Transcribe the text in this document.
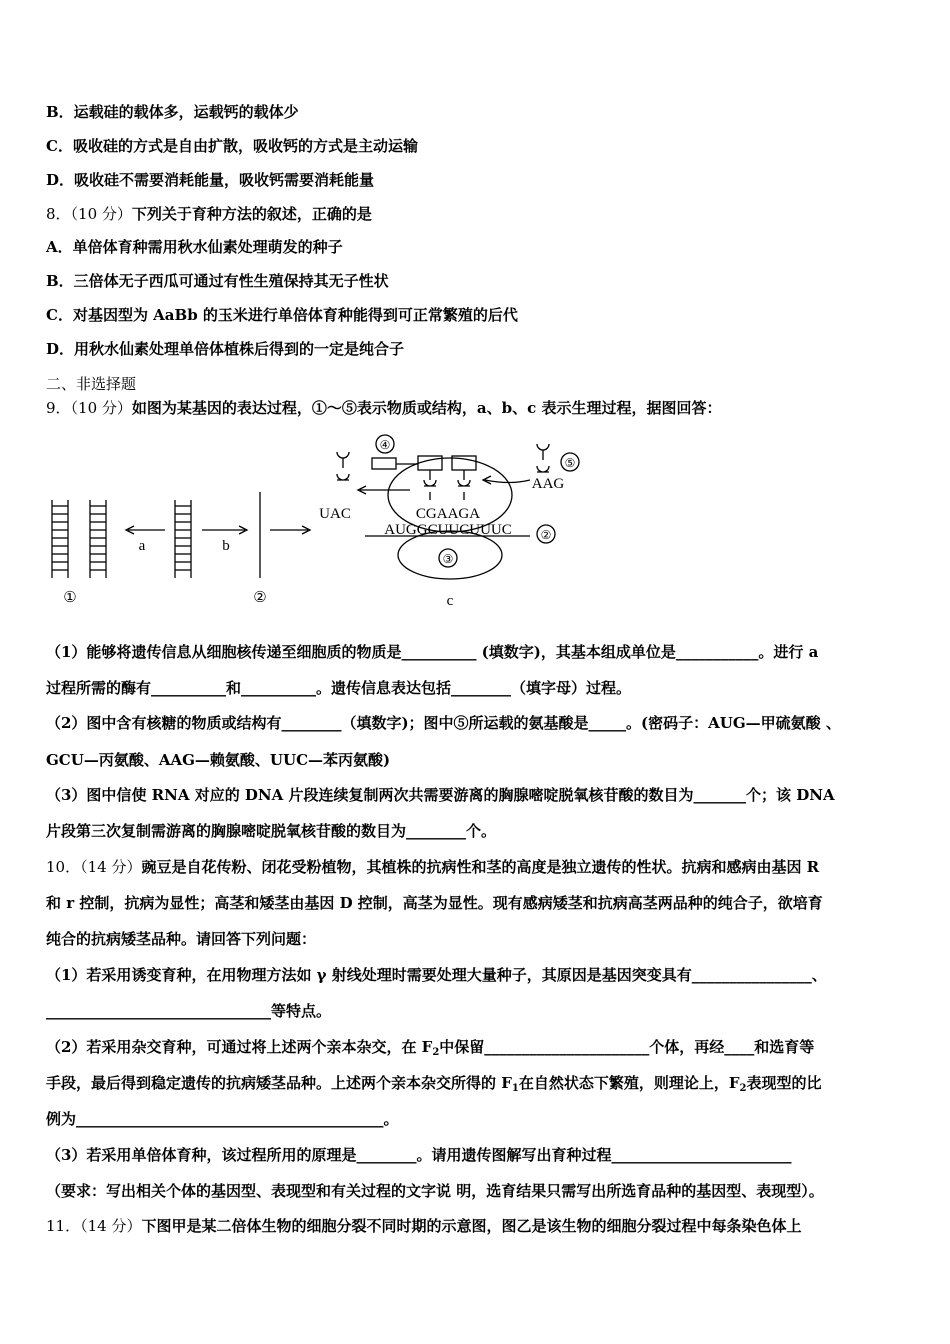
B．运载硅的载体多，运载钙的载体少
C．吸收硅的方式是自由扩散，吸收钙的方式是主动运输
D．吸收硅不需要消耗能量，吸收钙需要消耗能量
8．（10 分）下列关于育种方法的叙述，正确的是
A．单倍体育种需用秋水仙素处理萌发的种子
B．三倍体无子西瓜可通过有性生殖保持其无子性状
C．对基因型为 AaBb 的玉米进行单倍体育种能得到可正常繁殖的后代
D．用秋水仙素处理单倍体植株后得到的一定是纯合子
二、非选择题
9．（10 分）如图为某基因的表达过程，①～⑤表示物质或结构，a、b、c 表示生理过程，据图回答：
①	②
a	b
c
UAC
AAG
CGAAGA
AUGGCUUCUUUC
④
⑤
②
③
（1）能够将遗传信息从细胞核传递至细胞质的物质是__________ (填数字)，其基本组成单位是___________。进行 a
过程所需的酶有__________和__________。遗传信息表达包括________（填字母）过程。
（2）图中含有核糖的物质或结构有________（填数字)；图中⑤所运载的氨基酸是_____。(密码子：AUG—甲硫氨酸 、
GCU—丙氨酸、AAG—赖氨酸、UUC—苯丙氨酸)
（3）图中信使 RNA 对应的 DNA 片段连续复制两次共需要游离的胸腺嘧啶脱氧核苷酸的数目为_______个；该 DNA
片段第三次复制需游离的胸腺嘧啶脱氧核苷酸的数目为________个。
10．（14 分）豌豆是自花传粉、闭花受粉植物，其植株的抗病性和茎的高度是独立遗传的性状。抗病和感病由基因 R
和 r 控制，抗病为显性；高茎和矮茎由基因 D 控制，高茎为显性。现有感病矮茎和抗病高茎两品种的纯合子，欲培育
纯合的抗病矮茎品种。请回答下列问题：
（1）若采用诱变育种，在用物理方法如 γ 射线处理时需要处理大量种子，其原因是基因突变具有________________、
______________________________等特点。
（2）若采用杂交育种，可通过将上述两个亲本杂交，在 $F_2$中保留______________________个体，再经____和选育等
手段，最后得到稳定遗传的抗病矮茎品种。上述两个亲本杂交所得的 $F_1$在自然状态下繁殖，则理论上，$F_2$表现型的比
例为_________________________________________。
（3）若采用单倍体育种，该过程所用的原理是________。请用遗传图解写出育种过程________________________
（要求：写出相关个体的基因型、表现型和有关过程的文字说 明，选育结果只需写出所选育品种的基因型、表现型）。
11．（14 分）下图甲是某二倍体生物的细胞分裂不同时期的示意图，图乙是该生物的细胞分裂过程中每条染色体上
